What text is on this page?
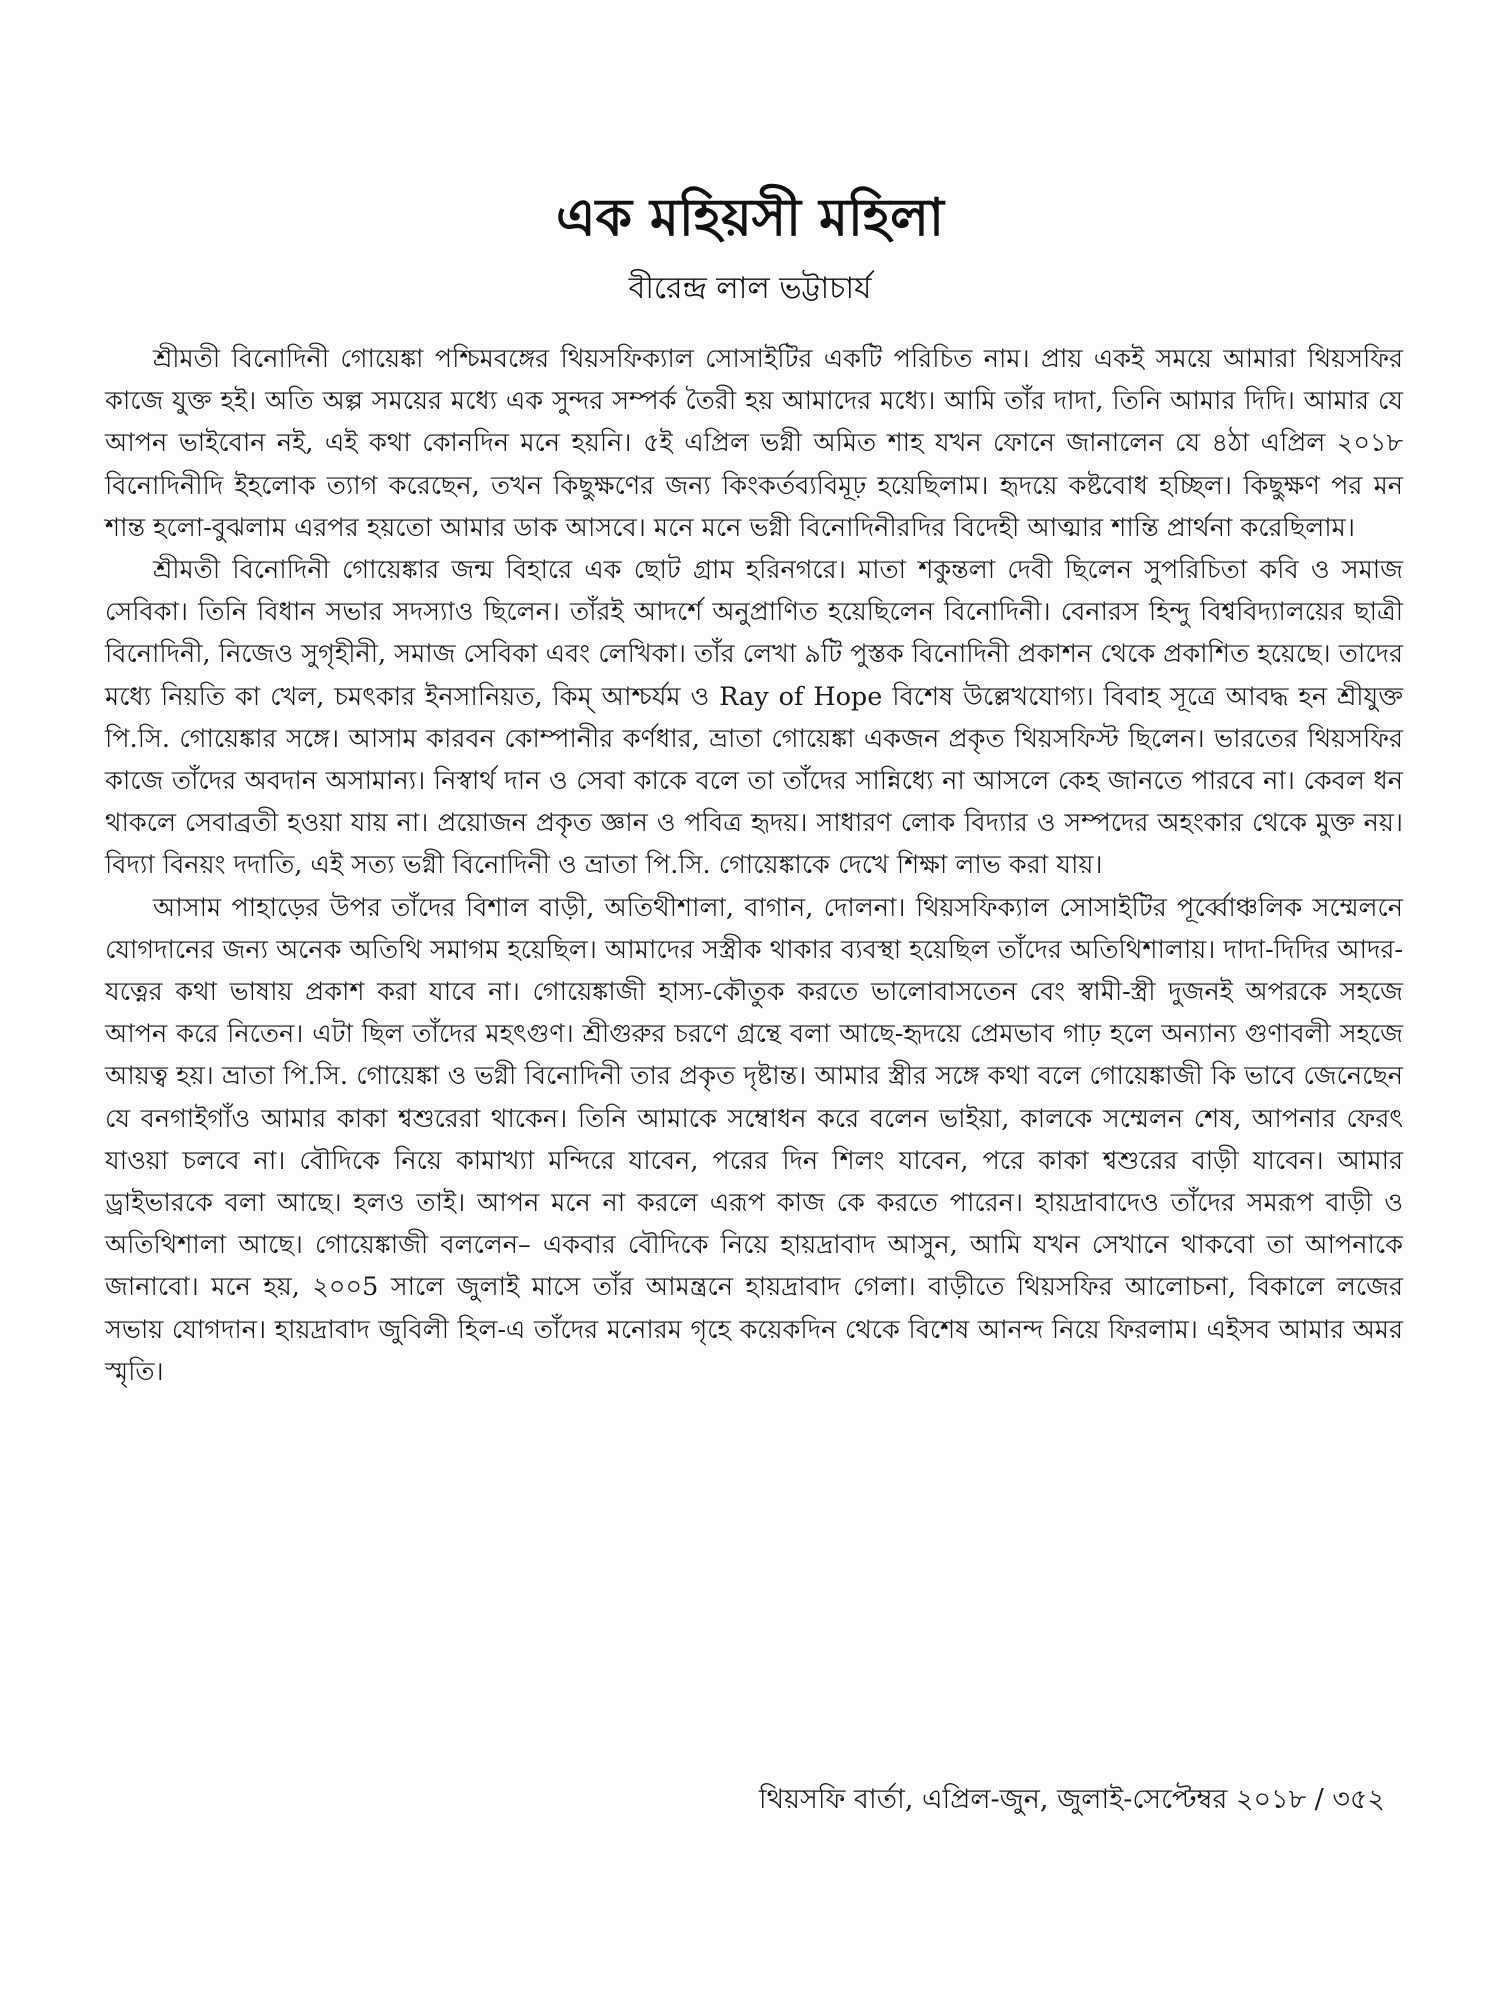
এক মহিয়সী মহিলা
বীরেন্দ্র লাল ভট্টাচার্য

শ্রীমতী বিনোদিনী গোয়েঙ্কা পশ্চিমবঙ্গের থিয়সফিক্যাল সোসাইটির একটি পরিচিত নাম। প্রায় একই সময়ে আমারা থিয়সফির কাজে যুক্ত হই। অতি অল্প সময়ের মধ্যে এক সুন্দর সম্পর্ক তৈরী হয় আমাদের মধ্যে। আমি তাঁর দাদা, তিনি আমার দিদি। আমার যে আপন ভাইবোন নই, এই কথা কোনদিন মনে হয়নি। ৫ই এপ্রিল ভগ্নী অমিত শাহ যখন ফোনে জানালেন যে ৪ঠা এপ্রিল ২০১৮ বিনোদিনীদি ইহলোক ত্যাগ করেছেন, তখন কিছুক্ষণের জন্য কিংকর্তব্যবিমূঢ় হয়েছিলাম। হৃদয়ে কষ্টবোধ হচ্ছিল। কিছুক্ষণ পর মন শান্ত হলো-বুঝলাম এরপর হয়তো আমার ডাক আসবে। মনে মনে ভগ্নী বিনোদিনীরদির বিদেহী আত্মার শান্তি প্রার্থনা করেছিলাম।

শ্রীমতী বিনোদিনী গোয়েঙ্কার জন্ম বিহারে এক ছোট গ্রাম হরিনগরে। মাতা শকুন্তলা দেবী ছিলেন সুপরিচিতা কবি ও সমাজ সেবিকা। তিনি বিধান সভার সদস্যাও ছিলেন। তাঁরই আদর্শে অনুপ্রাণিত হয়েছিলেন বিনোদিনী। বেনারস হিন্দু বিশ্ববিদ্যালয়ের ছাত্রী বিনোদিনী, নিজেও সুগৃহীনী, সমাজ সেবিকা এবং লেখিকা। তাঁর লেখা ৯টি পুস্তক বিনোদিনী প্রকাশন থেকে প্রকাশিত হয়েছে। তাদের মধ্যে নিয়তি কা খেল, চমৎকার ইনসানিয়ত, কিম্ আশ্চর্যম ও Ray of Hope বিশেষ উল্লেখযোগ্য। বিবাহ সূত্রে আবদ্ধ হন শ্রীযুক্ত পি.সি. গোয়েঙ্কার সঙ্গে। আসাম কারবন কোম্পানীর কর্ণধার, ভ্রাতা গোয়েঙ্কা একজন প্রকৃত থিয়সফিস্ট ছিলেন। ভারতের থিয়সফির কাজে তাঁদের অবদান অসামান্য। নিস্বার্থ দান ও সেবা কাকে বলে তা তাঁদের সান্নিধ্যে না আসলে কেহ জানতে পারবে না। কেবল ধন থাকলে সেবাব্রতী হওয়া যায় না। প্রয়োজন প্রকৃত জ্ঞান ও পবিত্র হৃদয়। সাধারণ লোক বিদ্যার ও সম্পদের অহংকার থেকে মুক্ত নয়। বিদ্যা বিনয়ং দদাতি, এই সত্য ভগ্নী বিনোদিনী ও ভ্রাতা পি.সি. গোয়েঙ্কাকে দেখে শিক্ষা লাভ করা যায়।

আসাম পাহাড়ের উপর তাঁদের বিশাল বাড়ী, অতিথীশালা, বাগান, দোলনা। থিয়সফিক্যাল সোসাইটির পূর্ব্বোঞ্চলিক সম্মেলনে যোগদানের জন্য অনেক অতিথি সমাগম হয়েছিল। আমাদের সস্ত্রীক থাকার ব্যবস্থা হয়েছিল তাঁদের অতিথিশালায়। দাদা-দিদির আদর-যত্নের কথা ভাষায় প্রকাশ করা যাবে না। গোয়েঙ্কাজী হাস্য-কৌতুক করতে ভালোবাসতেন বেং স্বামী-স্ত্রী দুজনই অপরকে সহজে আপন করে নিতেন। এটা ছিল তাঁদের মহৎগুণ। শ্রীগুরুর চরণে গ্রন্থে বলা আছে-হৃদয়ে প্রেমভাব গাঢ় হলে অন্যান্য গুণাবলী সহজে আয়ত্ব হয়। ভ্রাতা পি.সি. গোয়েঙ্কা ও ভগ্নী বিনোদিনী তার প্রকৃত দৃষ্টান্ত। আমার স্ত্রীর সঙ্গে কথা বলে গোয়েঙ্কাজী কি ভাবে জেনেছেন যে বনগাইগাঁও আমার কাকা শ্বশুরেরা থাকেন। তিনি আমাকে সম্বোধন করে বলেন ভাইয়া, কালকে সম্মেলন শেষ, আপনার ফেরৎ যাওয়া চলবে না। বৌদিকে নিয়ে কামাখ্যা মন্দিরে যাবেন, পরের দিন শিলং যাবেন, পরে কাকা শ্বশুরের বাড়ী যাবেন। আমার ড্রাইভারকে বলা আছে। হলও তাই। আপন মনে না করলে এরূপ কাজ কে করতে পারেন। হায়দ্রাবাদেও তাঁদের সমরূপ বাড়ী ও অতিথিশালা আছে। গোয়েঙ্কাজী বললেন– একবার বৌদিকে নিয়ে হায়দ্রাবাদ আসুন, আমি যখন সেখানে থাকবো তা আপনাকে জানাবো। মনে হয়, ২০০5 সালে জুলাই মাসে তাঁর আমন্ত্রনে হায়দ্রাবাদ গেলা। বাড়ীতে থিয়সফির আলোচনা, বিকালে লজের সভায় যোগদান। হায়দ্রাবাদ জুবিলী হিল-এ তাঁদের মনোরম গৃহে কয়েকদিন থেকে বিশেষ আনন্দ নিয়ে ফিরলাম। এইসব আমার অমর স্মৃতি।

থিয়সফি বার্তা, এপ্রিল-জুন, জুলাই-সেপ্টেম্বর ২০১৮ / ৩৫২
